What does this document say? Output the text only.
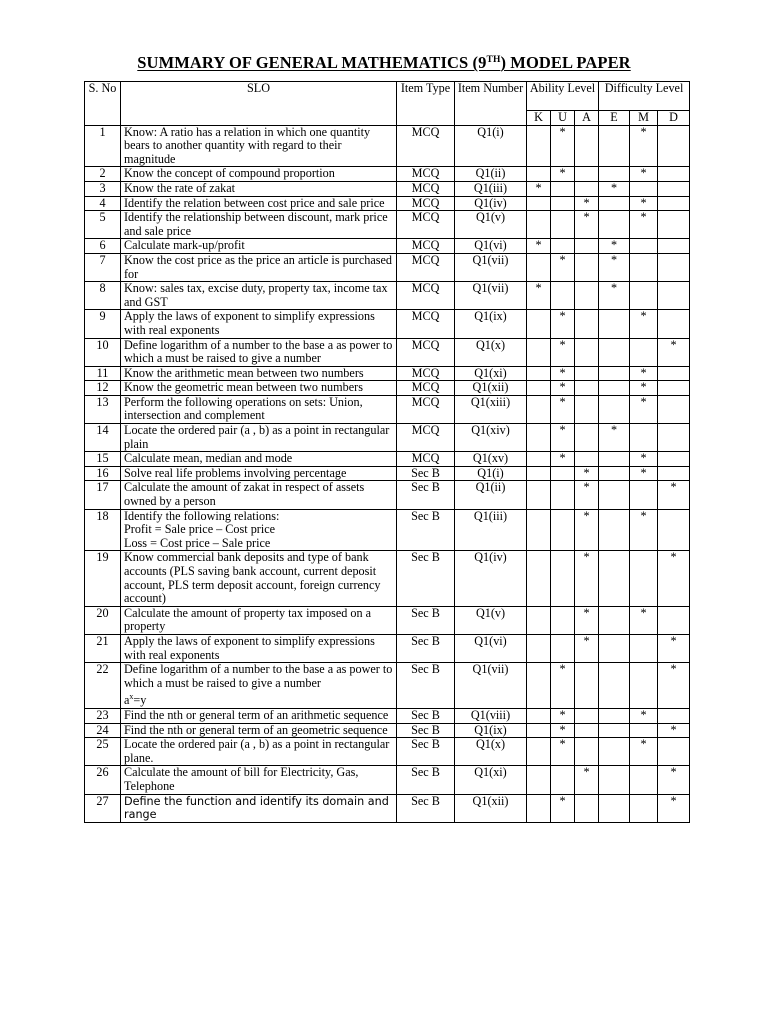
SUMMARY OF GENERAL MATHEMATICS (9TH) MODEL PAPER
S. No	SLO	Item Type	Item Number	Ability Level			Difficulty Level		
				K	U	A	E	M	D
1	Know: A ratio has a relation in which one quantity bears to another quantity with regard to their magnitude	MCQ	Q1(i)		*			*	
2	Know the concept of compound proportion	MCQ	Q1(ii)		*			*	
3	Know the rate of zakat	MCQ	Q1(iii)	*			*		
4	Identify the relation between cost price and sale price	MCQ	Q1(iv)			*		*	
5	Identify the relationship between discount, mark price and sale price	MCQ	Q1(v)			*		*	
6	Calculate mark-up/profit	MCQ	Q1(vi)	*			*		
7	Know the cost price as the price an article is purchased for	MCQ	Q1(vii)		*		*		
8	Know: sales tax, excise duty, property tax, income tax and GST	MCQ	Q1(vii)	*			*		
9	Apply the laws of exponent to simplify expressions with real exponents	MCQ	Q1(ix)		*			*	
10	Define logarithm of a number to the base a as power to which a must be raised to give a number	MCQ	Q1(x)		*				*
11	Know the arithmetic mean between two numbers	MCQ	Q1(xi)		*			*	
12	Know the geometric mean between two numbers	MCQ	Q1(xii)		*			*	
13	Perform the following operations on sets: Union, intersection and complement	MCQ	Q1(xiii)		*			*	
14	Locate the ordered pair (a , b) as a point in rectangular plain	MCQ	Q1(xiv)		*		*		
15	Calculate mean, median and mode	MCQ	Q1(xv)		*			*	
16	Solve real life problems involving percentage	Sec B	Q1(i)			*		*	
17	Calculate the amount of zakat in respect of assets owned by a person	Sec B	Q1(ii)			*			*
18	Identify the following relations:
Profit = Sale price – Cost price
Loss = Cost price – Sale price	Sec B	Q1(iii)			*		*	
19	Know commercial bank deposits and type of bank accounts (PLS saving bank account, current deposit account, PLS term deposit account, foreign currency account)	Sec B	Q1(iv)			*			*
20	Calculate the amount of property tax imposed on a property	Sec B	Q1(v)			*		*	
21	Apply the laws of exponent to simplify expressions with real exponents	Sec B	Q1(vi)			*			*
22	Define logarithm of a number to the base a as power to which a must be raised to give a number
$a^x=y$	Sec B	Q1(vii)		*				*
23	Find the nth or general term of an arithmetic sequence	Sec B	Q1(viii)		*			*	
24	Find the nth or general term of an geometric sequence	Sec B	Q1(ix)		*				*
25	Locate the ordered pair (a , b) as a point in rectangular plane.	Sec B	Q1(x)		*			*	
26	Calculate the amount of bill for Electricity, Gas, Telephone	Sec B	Q1(xi)			*			*
27	Define the function and identify its domain and range	Sec B	Q1(xii)		*				*
